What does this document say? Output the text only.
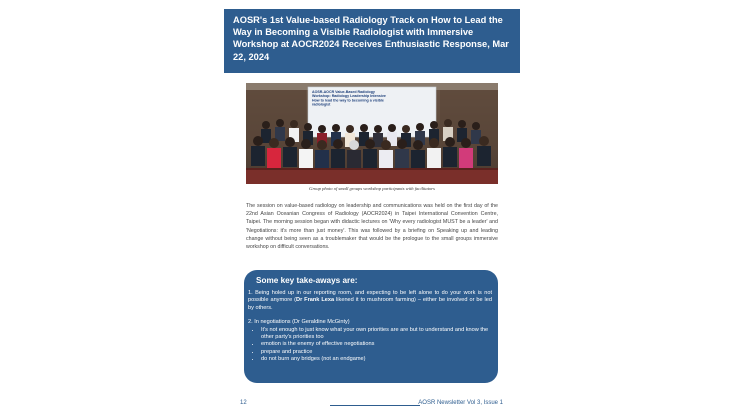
AOSR's 1st Value-based Radiology Track on How to Lead the Way in Becoming a Visible Radiologist with Immersive Workshop at AOCR2024 Receives Enthusiastic Response, Mar 22, 2024

AOSR-AOCR Value-Based Radiology Workshop: Radiology Leadership Intensive How to lead the way to becoming a visible radiologist
Group photo of small groups workshop participants with facilitators

The session on value-based radiology on leadership and communications was held on the first day of the 22nd Asian Oceanian Congress of Radiology (AOCR2024) in Taipei International Convention Centre, Taipei. The morning session began with didactic lectures on 'Why every radiologist MUST be a leader' and 'Negotiations: it's more than just money'. This was followed by a briefing on Speaking up and leading change without being seen as a troublemaker that would be the prologue to the small groups immersive workshop on difficult conversations.

Some key take-aways are:

1. Being holed up in our reporting room, and expecting to be left alone to do your work is not possible anymore (Dr Frank Lexa likened it to mushroom farming) – either be involved or be led by others.

2. In negotiations (Dr Geraldine McGinty)

• It's not enough to just know what your own priorities are are but to understand and know the other party's priorities too
• emotion is the enemy of effective negotiations
• prepare and practice
• do not burn any bridges (not an endgame)
12	AOSR Newsletter Vol 3, Issue 1
